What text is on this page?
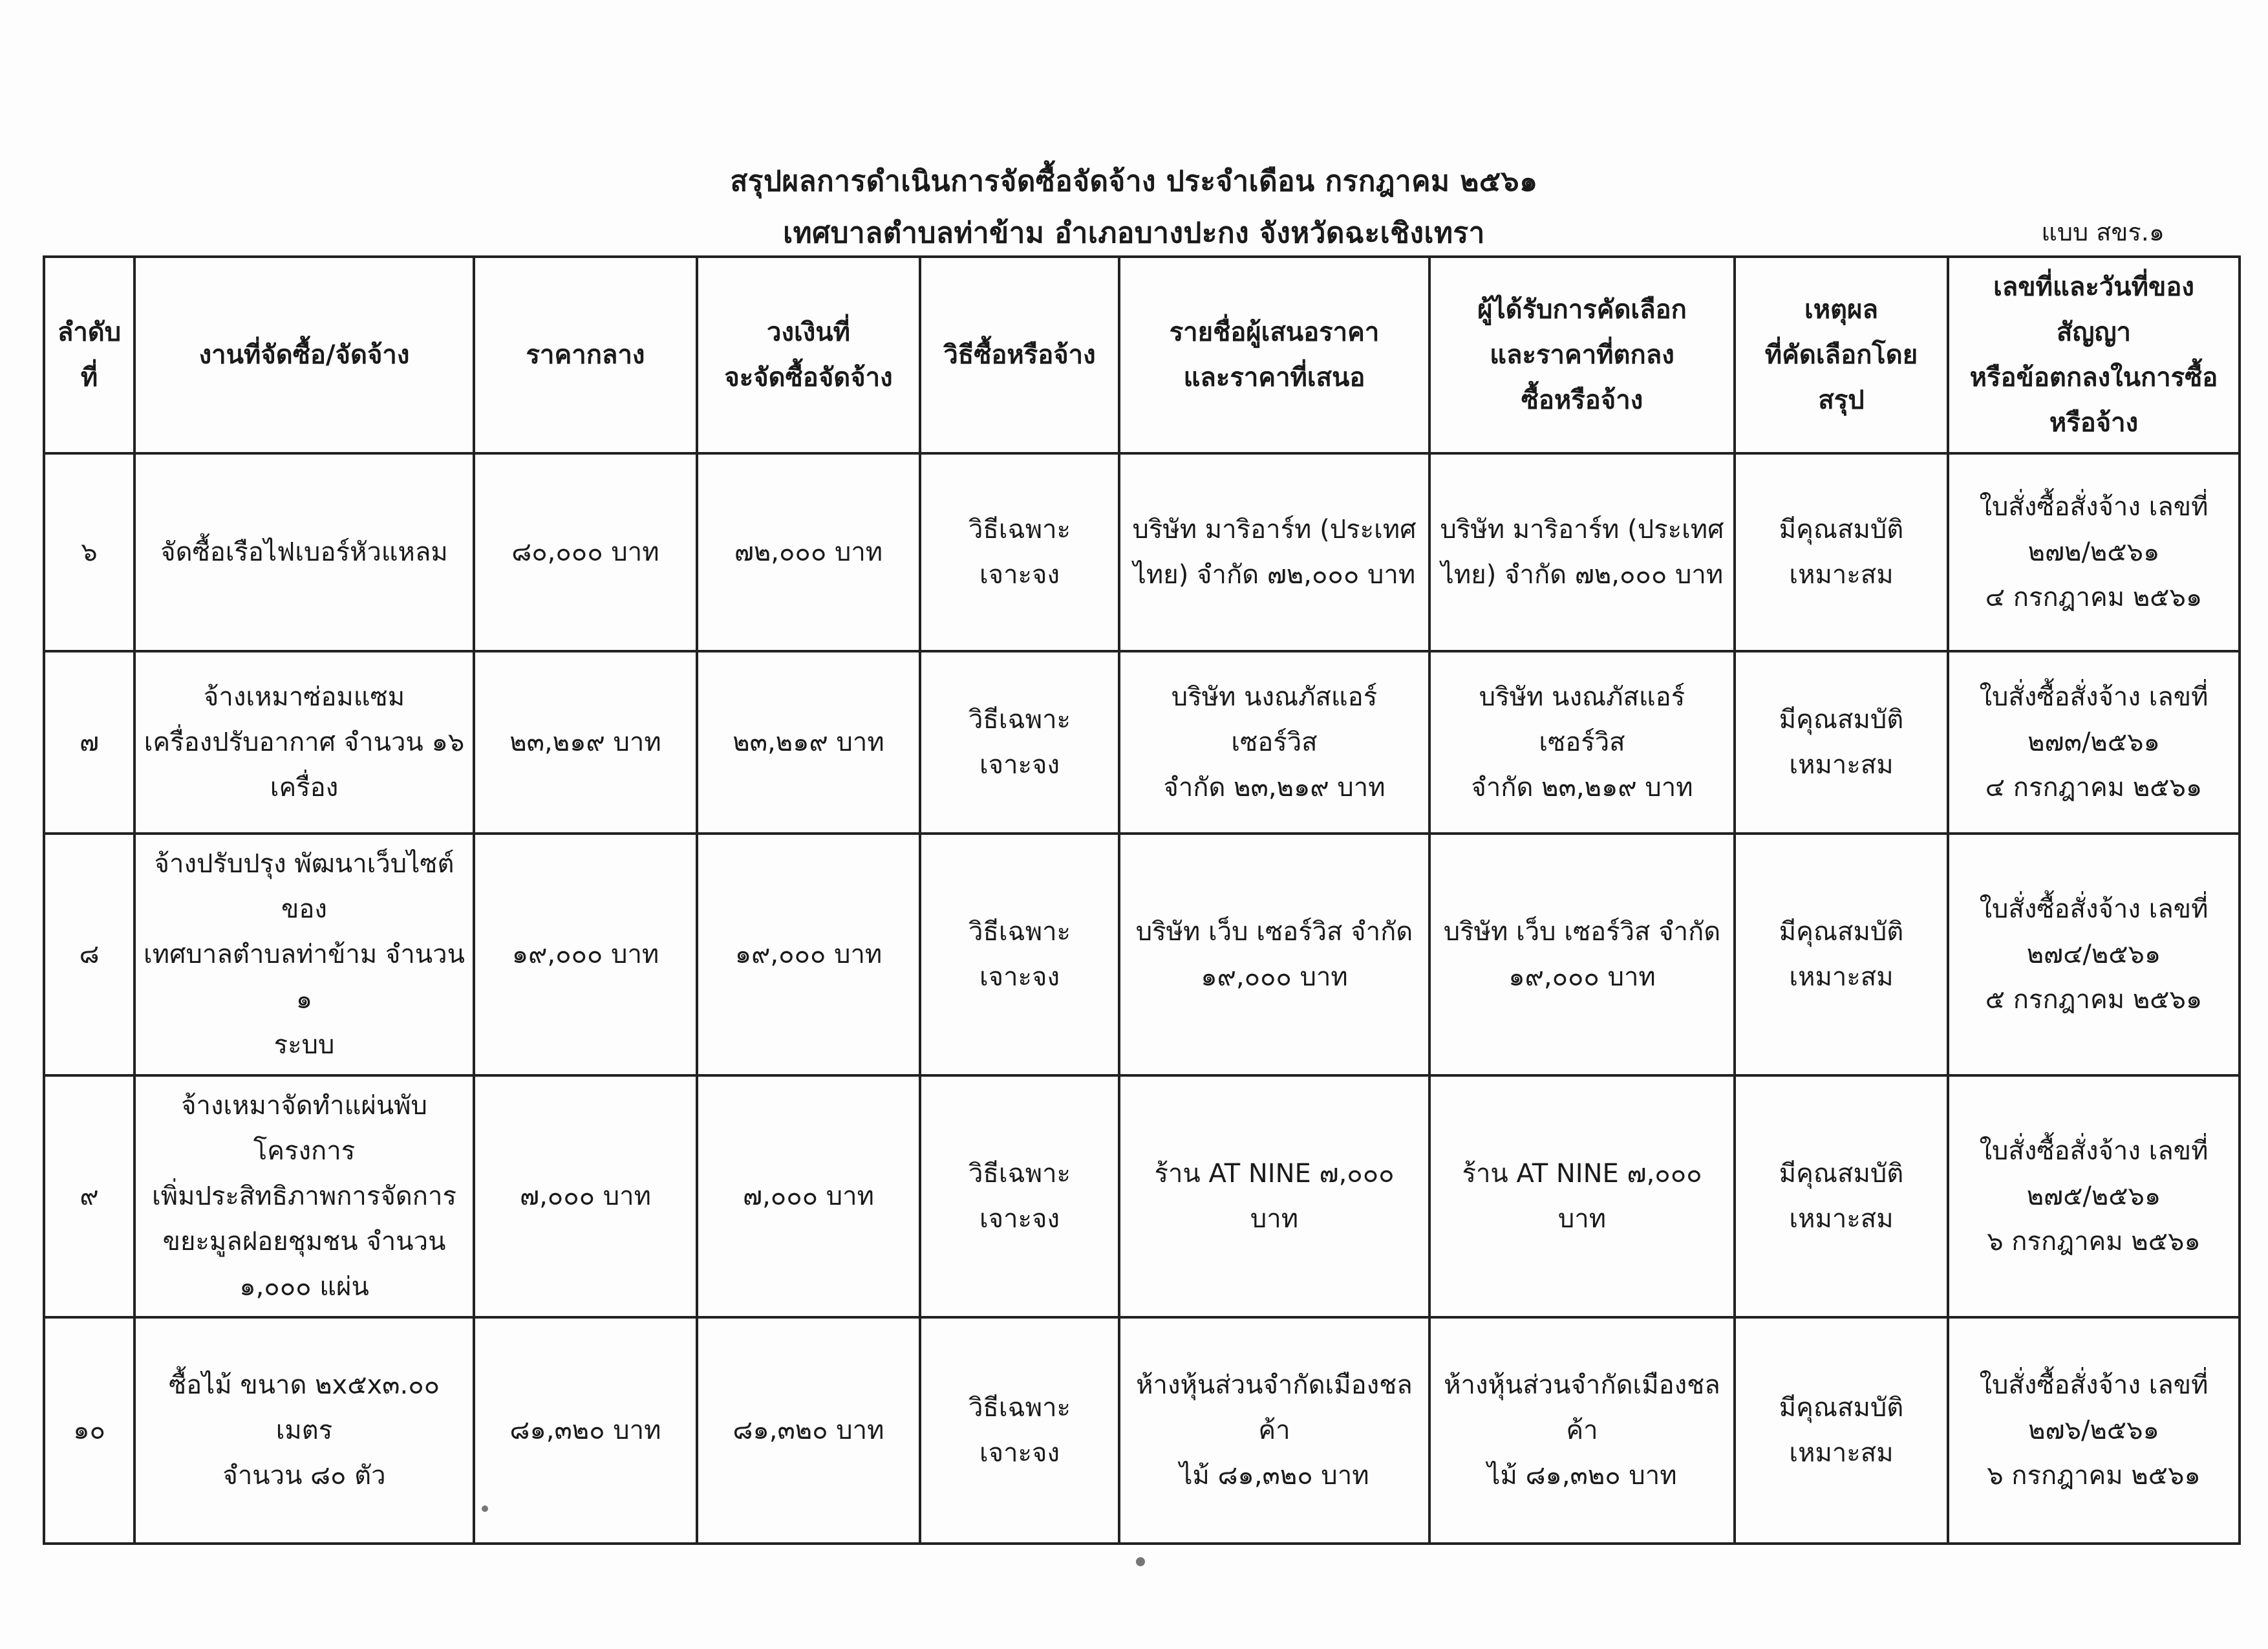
สรุปผลการดำเนินการจัดซื้อจัดจ้าง ประจำเดือน กรกฎาคม ๒๕๖๑
เทศบาลตำบลท่าข้าม อำเภอบางปะกง จังหวัดฉะเชิงเทรา	แบบ สขร.๑
ลำดับที่	งานที่จัดซื้อ/จัดจ้าง	ราคากลาง	วงเงินที่
จะจัดซื้อจัดจ้าง	วิธีซื้อหรือจ้าง	รายชื่อผู้เสนอราคา
และราคาที่เสนอ	ผู้ได้รับการคัดเลือก
และราคาที่ตกลง
ซื้อหรือจ้าง	เหตุผล
ที่คัดเลือกโดยสรุป	เลขที่และวันที่ของสัญญา
หรือข้อตกลงในการซื้อ
หรือจ้าง

๖	จัดซื้อเรือไฟเบอร์หัวแหลม	๘๐,๐๐๐ บาท	๗๒,๐๐๐ บาท	วิธีเฉพาะเจาะจง	บริษัท มาริอาร์ท (ประเทศ
ไทย) จำกัด ๗๒,๐๐๐ บาท	บริษัท มาริอาร์ท (ประเทศ
ไทย) จำกัด ๗๒,๐๐๐ บาท	มีคุณสมบัติ
เหมาะสม	ใบสั่งซื้อสั่งจ้าง เลขที่
๒๗๒/๒๕๖๑
๔ กรกฎาคม ๒๕๖๑

๗	จ้างเหมาซ่อมแซม
เครื่องปรับอากาศ จำนวน ๑๖
เครื่อง	๒๓,๒๑๙ บาท	๒๓,๒๑๙ บาท	วิธีเฉพาะเจาะจง	บริษัท นงณภัสแอร์ เซอร์วิส
จำกัด ๒๓,๒๑๙ บาท	บริษัท นงณภัสแอร์ เซอร์วิส
จำกัด ๒๓,๒๑๙ บาท	มีคุณสมบัติ
เหมาะสม	ใบสั่งซื้อสั่งจ้าง เลขที่
๒๗๓/๒๕๖๑
๔ กรกฎาคม ๒๕๖๑

๘	จ้างปรับปรุง พัฒนาเว็บไซต์ของ
เทศบาลตำบลท่าข้าม จำนวน ๑
ระบบ	๑๙,๐๐๐ บาท	๑๙,๐๐๐ บาท	วิธีเฉพาะเจาะจง	บริษัท เว็บ เซอร์วิส จำกัด
๑๙,๐๐๐ บาท	บริษัท เว็บ เซอร์วิส จำกัด
๑๙,๐๐๐ บาท	มีคุณสมบัติ
เหมาะสม	ใบสั่งซื้อสั่งจ้าง เลขที่
๒๗๔/๒๕๖๑
๕ กรกฎาคม ๒๕๖๑

๙	จ้างเหมาจัดทำแผ่นพับโครงการ
เพิ่มประสิทธิภาพการจัดการ
ขยะมูลฝอยชุมชน จำนวน
๑,๐๐๐ แผ่น	๗,๐๐๐ บาท	๗,๐๐๐ บาท	วิธีเฉพาะเจาะจง	ร้าน AT NINE ๗,๐๐๐ บาท	ร้าน AT NINE ๗,๐๐๐ บาท	มีคุณสมบัติ
เหมาะสม	ใบสั่งซื้อสั่งจ้าง เลขที่
๒๗๕/๒๕๖๑
๖ กรกฎาคม ๒๕๖๑

๑๐	ซื้อไม้ ขนาด ๒x๕x๓.๐๐ เมตร
จำนวน ๘๐ ตัว	๘๑,๓๒๐ บาท	๘๑,๓๒๐ บาท	วิธีเฉพาะเจาะจง	ห้างหุ้นส่วนจำกัดเมืองชลค้า
ไม้ ๘๑,๓๒๐ บาท	ห้างหุ้นส่วนจำกัดเมืองชลค้า
ไม้ ๘๑,๓๒๐ บาท	มีคุณสมบัติ
เหมาะสม	ใบสั่งซื้อสั่งจ้าง เลขที่
๒๗๖/๒๕๖๑
๖ กรกฎาคม ๒๕๖๑
